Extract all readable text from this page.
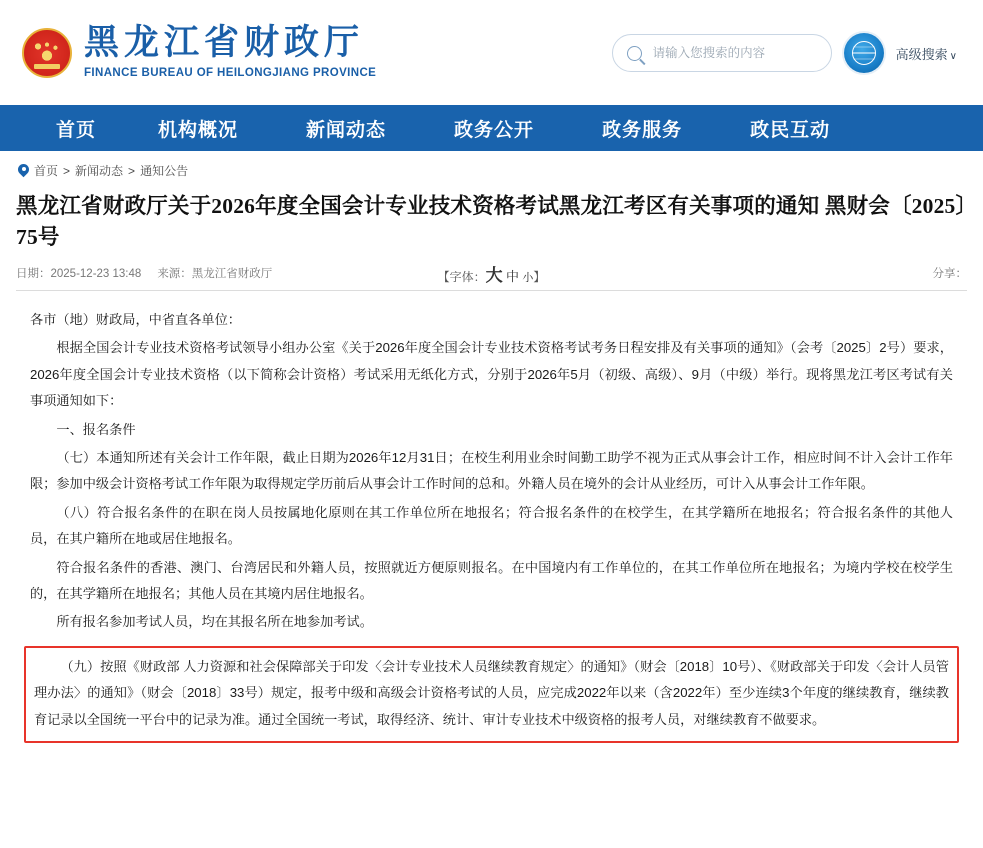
黑龙江省财政厅
FINANCE BUREAU OF HEILONGJIANG PROVINCE
请输入您搜索的内容
高级搜索 ∨
首页	机构概况	新闻动态	政务公开	政务服务	政民互动
首页 > 新闻动态 > 通知公告
黑龙江省财政厅关于2026年度全国会计专业技术资格考试黑龙江考区有关事项的通知 黑财会〔2025〕75号
日期：2025-12-23 13:48 来源：黑龙江省财政厅	【字体：大 中 小】	分享：

各市（地）财政局，中省直各单位：

根据全国会计专业技术资格考试领导小组办公室《关于2026年度全国会计专业技术资格考试考务日程安排及有关事项的通知》（会考〔2025〕2号）要求，2026年度全国会计专业技术资格（以下简称会计资格）考试采用无纸化方式，分别于2026年5月（初级、高级）、9月（中级）举行。现将黑龙江考区考试有关事项通知如下：

一、报名条件

（七）本通知所述有关会计工作年限，截止日期为2026年12月31日；在校生利用业余时间勤工助学不视为正式从事会计工作，相应时间不计入会计工作年限；参加中级会计资格考试工作年限为取得规定学历前后从事会计工作时间的总和。外籍人员在境外的会计从业经历，可计入从事会计工作年限。

（八）符合报名条件的在职在岗人员按属地化原则在其工作单位所在地报名；符合报名条件的在校学生，在其学籍所在地报名；符合报名条件的其他人员，在其户籍所在地或居住地报名。

符合报名条件的香港、澳门、台湾居民和外籍人员，按照就近方便原则报名。在中国境内有工作单位的，在其工作单位所在地报名；为境内学校在校学生的，在其学籍所在地报名；其他人员在其境内居住地报名。

所有报名参加考试人员，均在其报名所在地参加考试。

（九）按照《财政部 人力资源和社会保障部关于印发〈会计专业技术人员继续教育规定〉的通知》（财会〔2018〕10号）、《财政部关于印发〈会计人员管理办法〉的通知》（财会〔2018〕33号）规定，报考中级和高级会计资格考试的人员，应完成2022年以来（含2022年）至少连续3个年度的继续教育，继续教育记录以全国统一平台中的记录为准。通过全国统一考试，取得经济、统计、审计专业技术中级资格的报考人员，对继续教育不做要求。
